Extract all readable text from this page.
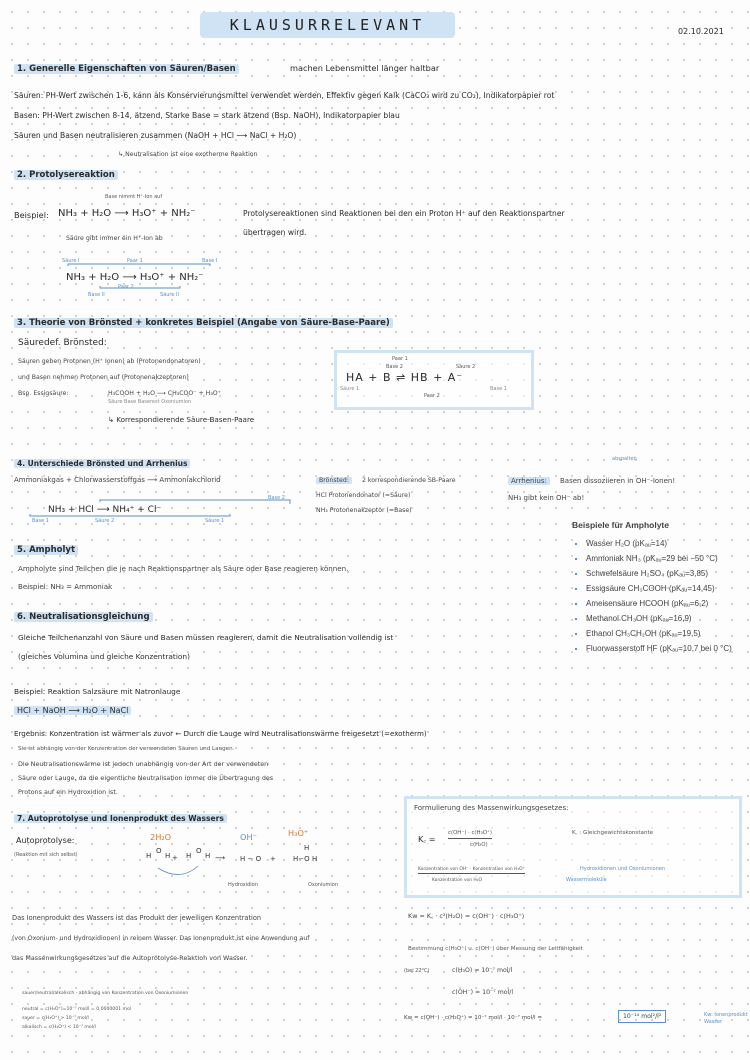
KLAUSURRELEVANT	02.10.2021
1. Generelle Eigenschaften von Säuren/Basen	machen Lebensmittel länger haltbar
Säuren: PH-Wert zwischen 1-6, kann als Konservierungsmittel verwendet werden, Effektiv gegen Kalk (CaCO₃ wird zu CO₂), Indikatorpapier rot
Basen: PH-Wert zwischen 8-14, ätzend, Starke Base = stark ätzend (Bsp. NaOH), Indikatorpapier blau
Säuren und Basen neutralisieren zusammen (NaOH + HCl ⟶ NaCl + H₂O)
↳ Neutralisation ist eine exotherme Reaktion
2. Protolysereaktion
Base nimmt H⁺-Ion auf
Beispiel: NH₃ + H₂O ⟶ H₃O⁺ + NH₂⁻	Protolysereaktionen sind Reaktionen bei den ein Proton H⁺ auf den Reaktionspartner
übertragen wird.
Säure gibt immer ein H⁺-Ion ab
Säure I	Paar 1	Base I
NH₃ + H₂O ⟶ H₃O⁺ + NH₂⁻
Paar 2
Base II	Säure II
3. Theorie von Brönsted + konkretes Beispiel (Angabe von Säure-Base-Paare)
Säuredef. Brönsted:
Säuren geben Protonen (H⁺ Ionen) ab (Protonendonatoren)
und Basen nehmen Protonen auf (Protonenakzeptoren)
Bsp. Essigsäure:	H₃COOH + H₂O ⟶ CH₃COO⁻ + H₃O⁺
Säure Base Baserest Oxoniumion
↳ Korrespondierende Säure-Basen-Paare
Paar 1
Base 2	Säure 2
HA + B ⇌ HB + A⁻
Säure 1	Base 1
Paar 2
4. Unterschiede Brönsted und Arrhenius
Ammoniakgas + Chlorwasserstoffgas ⟶ Ammoniakchlorid
NH₃ + HCl ⟶ NH₄⁺ + Cl⁻
Base 1	Säure 2	Säure 1
Base 2
Brönsted:	2 korrespondierende SB-Paare
HCl Protonendonator (=Säure)
NH₃ Protonenakzeptor (=Base)
abspalten
Arrhenius:	Basen dissoziieren in OH⁻-Ionen!
NH₃ gibt kein OH⁻ ab!
Beispiele für Ampholyte
• Wasser H₂O (pKₐᵤ=14)
• Ammoniak NH₃ (pKₐᵤ=29 bei −50 °C)
• Schwefelsäure H₂SO₄ (pKₐᵤ=3,85)
• Essigsäure CH₃COOH (pKₐᵤ=14,45)
• Ameisensäure HCOOH (pKₐᵤ=6,2)
• Methanol CH₃OH (pKₐᵤ=16,9)
• Ethanol CH₃CH₂OH (pKₐᵤ=19,5)
• Fluorwasserstoff HF (pKₐᵤ=10,7 bei 0 °C)
5. Ampholyt
Ampholyte sind Teilchen die je nach Reaktionspartner als Säure oder Base reagieren können.
Beispiel: NH₃ = Ammoniak
6. Neutralisationsgleichung
Gleiche Teilchenanzahl von Säure und Basen müssen reagieren, damit die Neutralisation vollendig ist
(gleiches Volumina und gleiche Konzentration)
Beispiel: Reaktion Salzsäure mit Natronlauge
HCl + NaOH ⟶ H₂O + NaCl
Ergebnis: Konzentration ist wärmer als zuvor ← Durch die Lauge wird Neutralisationswärme freigesetzt (=exotherm)
Sie ist abhängig von der Konzentration der verwendeten Säuren und Laugen.
Die Neutralisationswärme ist jedoch unabhängig von der Art der verwendeten
Säure oder Lauge, da die eigentliche Neutralisation immer die Übertragung des
Protons auf ein Hydroxidion ist.
7. Autoprotolyse und Ionenprodukt des Wassers
Autoprotolyse:
(Reaktion mit sich selbst)
2H₂O	OH⁻	H₃O⁺
H
O
H + H
O
H ⟶ H − O + H−O
H
H
Hydroxidion	Oxoniumion
Das Ionenprodukt des Wassers ist das Produkt der jeweiligen Konzentration
(von Oxonium- und Hydroxidionen) in reinem Wasser. Das Ionenprodukt ist eine Anwendung auf
das Massenwirkungsgesetzes auf die Autoprotolyse-Reaktion von Wasser.
sauer/neutral/alkalisch - abhängig von Konzentration von Oxoniumionen
neutral = c(H₃O⁺)=10⁻⁷ mol/l = 0,0000001 mol
sauer = c(H₃O⁺) > 10⁻⁷ mol/l
alkalisch = c(H₃O⁺) < 10⁻⁷ mol/l
Formulierung des Massenwirkungsgesetzes:
K꜀ =
c(OH⁻) · c(H₃O⁺)
c(H₂O)
K꜀ : Gleichgewichtskonstante
Konzentration von OH⁻ · Konzentration von H₃O⁺
Konzentration von H₂O
Hydroxidionen und Oxoniumionen
Wassermoleküle
Kw = K꜀ · c²(H₂O) = c(OH⁻) · c(H₃O⁺)
Bestimmung c(H₃O⁺) u. c(OH⁻) über Messung der Leitfähigkeit
(bei 22°C)	c(H₃O) = 10⁻⁷ mol/l
c(OH⁻) = 10⁻⁷ mol/l
Kw = c(OH⁻) · c(H₃O⁺) = 10⁻⁷ mol/l · 10⁻⁷ mol/l =	10⁻¹⁴ mol²/l²	Kw: Ionenprodukt Wasser
